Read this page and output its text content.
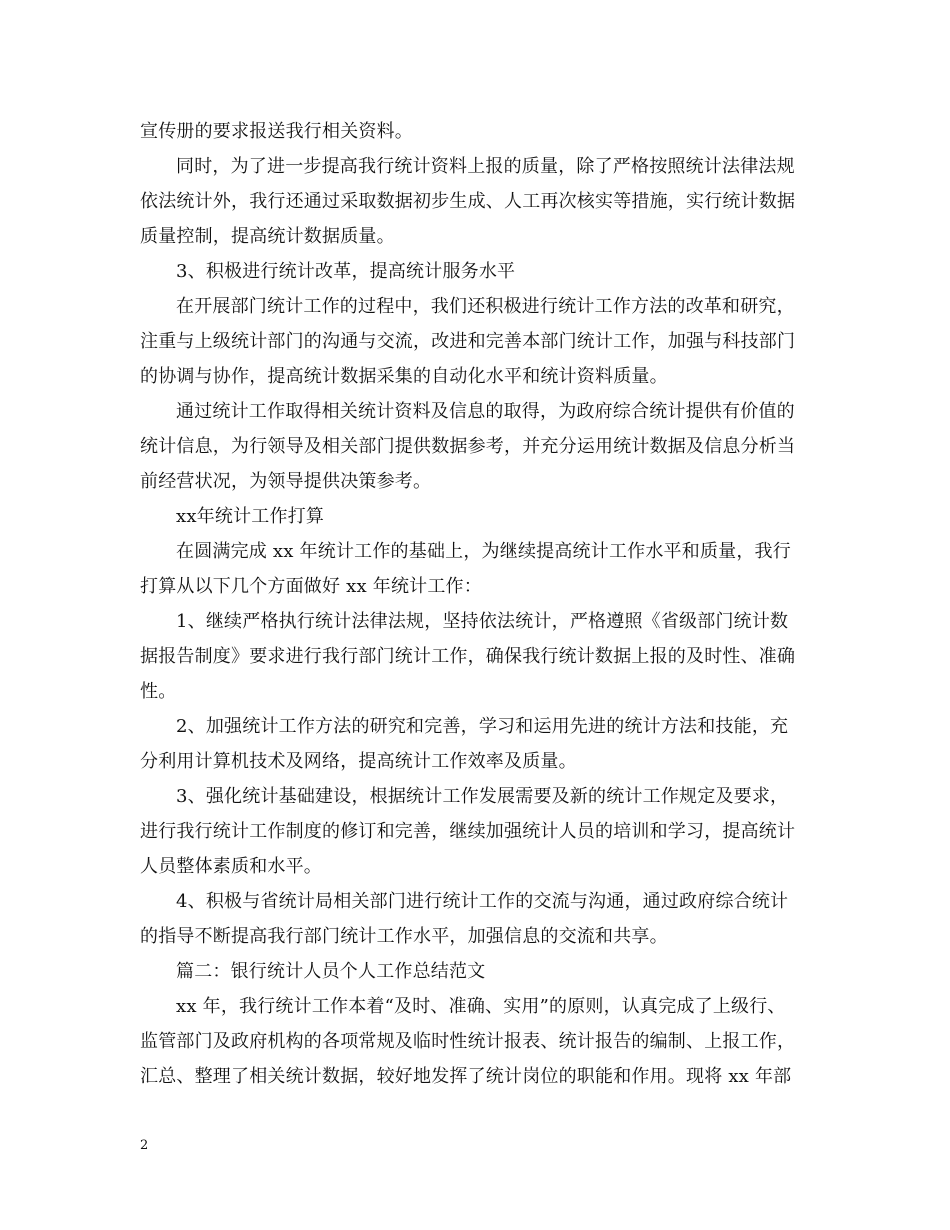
宣传册的要求报送我行相关资料。
同时，为了进一步提高我行统计资料上报的质量，除了严格按照统计法律法规
依法统计外，我行还通过采取数据初步生成、人工再次核实等措施，实行统计数据
质量控制，提高统计数据质量。
3、积极进行统计改革，提高统计服务水平
在开展部门统计工作的过程中，我们还积极进行统计工作方法的改革和研究，
注重与上级统计部门的沟通与交流，改进和完善本部门统计工作，加强与科技部门
的协调与协作，提高统计数据采集的自动化水平和统计资料质量。
通过统计工作取得相关统计资料及信息的取得，为政府综合统计提供有价值的
统计信息，为行领导及相关部门提供数据参考，并充分运用统计数据及信息分析当
前经营状况，为领导提供决策参考。
xx年统计工作打算
在圆满完成 xx 年统计工作的基础上，为继续提高统计工作水平和质量，我行
打算从以下几个方面做好 xx 年统计工作：
1、继续严格执行统计法律法规，坚持依法统计，严格遵照《省级部门统计数
据报告制度》要求进行我行部门统计工作，确保我行统计数据上报的及时性、准确
性。
2、加强统计工作方法的研究和完善，学习和运用先进的统计方法和技能，充
分利用计算机技术及网络，提高统计工作效率及质量。
3、强化统计基础建设，根据统计工作发展需要及新的统计工作规定及要求，
进行我行统计工作制度的修订和完善，继续加强统计人员的培训和学习，提高统计
人员整体素质和水平。
4、积极与省统计局相关部门进行统计工作的交流与沟通，通过政府综合统计
的指导不断提高我行部门统计工作水平，加强信息的交流和共享。
篇二：银行统计人员个人工作总结范文
xx 年，我行统计工作本着“及时、准确、实用”的原则，认真完成了上级行、
监管部门及政府机构的各项常规及临时性统计报表、统计报告的编制、上报工作，
汇总、整理了相关统计数据，较好地发挥了统计岗位的职能和作用。现将 xx 年部
2
